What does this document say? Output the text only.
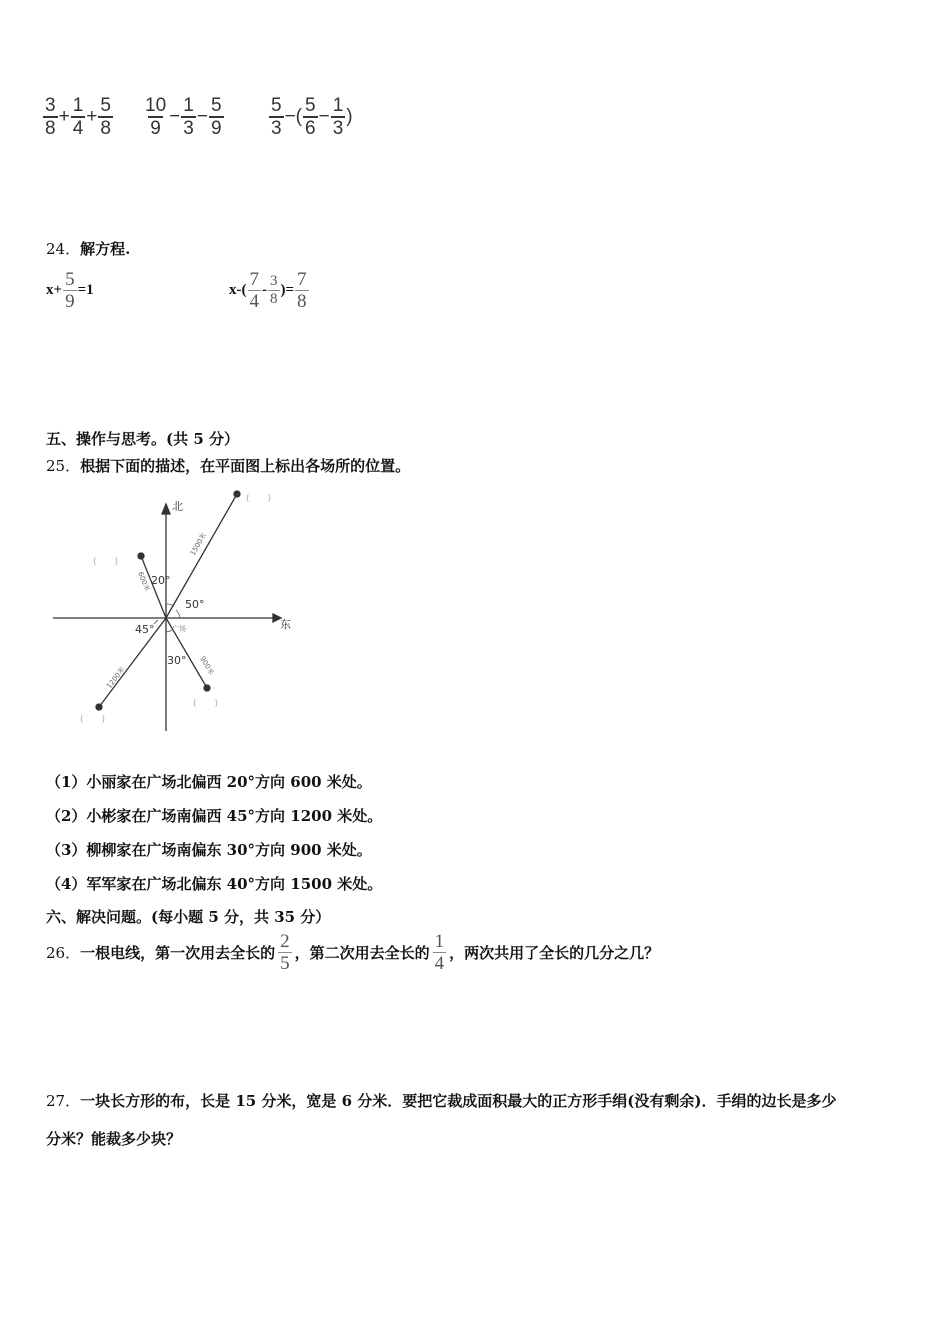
$\frac{3}{8} + \frac{1}{4} + \frac{5}{8} \frac{10}{9} - \frac{1}{3} - \frac{5}{9} \frac{5}{3}$ −( $\frac{5}{6} - \frac{1}{3}$ )
24．解方程.
$x+ \frac{5}{9} =1$	$x-( \frac{7}{4} - \frac{3}{8}$ )= $\frac{7}{8}$
五、操作与思考。(共 5 分）
25．根据下面的描述，在平面图上标出各场所的位置。
北
东
广场
20°
50°
45°
30°
600米
1500米
1200米	900米
(　　)
(　　)
(　　)
(　　)
（1）小丽家在广场北偏西 20°方向 600 米处。
（2）小彬家在广场南偏西 45°方向 1200 米处。
（3）柳柳家在广场南偏东 30°方向 900 米处。
（4）军军家在广场北偏东 40°方向 1500 米处。
六、解决问题。(每小题 5 分，共 35 分）
26． 一根电线，第一次用去全长的 $\frac{2}{5}$ ，第二次用去全长的 $\frac{1}{4}$ ，两次共用了全长的几分之几？
27．一块长方形的布，长是 15 分米，宽是 6 分米．要把它裁成面积最大的正方形手绢(没有剩余)．手绢的边长是多少
分米？能裁多少块？
